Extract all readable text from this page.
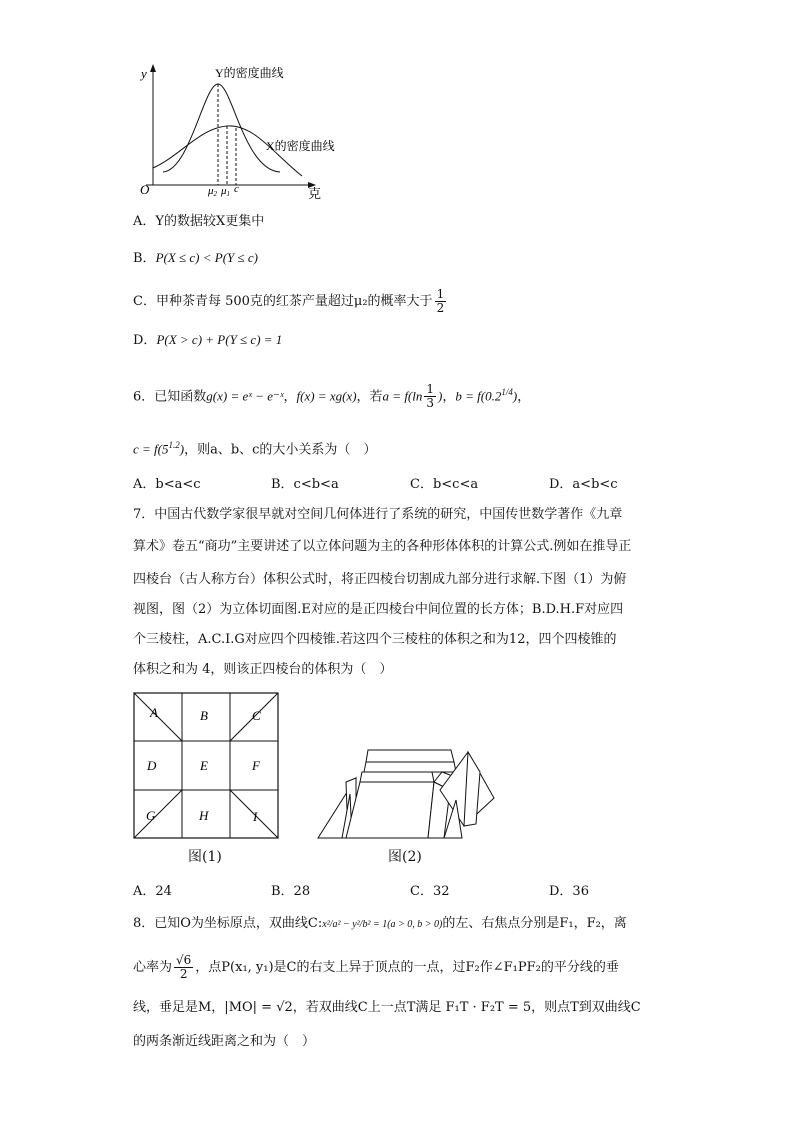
y
克
O
Y的密度曲线
X的密度曲线
μ2 μ1 c
A．Y的数据较X更集中
B．P(X ≤ c) < P(Y ≤ c)
C．甲种茶青每 500克的红茶产量超过μ₂的概率大于 $\frac{1}{2}$
D．P(X > c) + P(Y ≤ c) = 1
6．已知函数g(x) = eˣ − e⁻ˣ，f(x) = xg(x)，若$a = f(\ln \frac{1}{3}$ )，$b = f(0.2^{1/4})$，
$c = f(5^{1.2})$，则a、b、c的大小关系为（　）
A．b<a<c	B．c<b<a	C．b<c<a	D．a<b<c
7．中国古代数学家很早就对空间几何体进行了系统的研究，中国传世数学著作《九章
算术》卷五“商功”主要讲述了以立体问题为主的各种形体体积的计算公式.例如在推导正
四棱台（古人称方台）体积公式时，将正四棱台切割成九部分进行求解.下图（1）为俯
视图，图（2）为立体切面图.E对应的是正四棱台中间位置的长方体；B.D.H.F对应四
个三棱柱，A.C.I.G对应四个四棱锥.若这四个三棱柱的体积之和为12，四个四棱锥的
体积之和为 4，则该正四棱台的体积为（　）
A	B	C
D	E	F
G	H	I
图(1)	图(2)
A．24	B．28	C．32	D．36
8．已知O为坐标原点，双曲线C:x²/a² − y²/b² = 1(a > 0, b > 0)的左、右焦点分别是F₁，F₂，离
心率为 $\frac{√6}{2}$ ，点P(x₁, y₁)是C的右支上异于顶点的一点，过F₂作∠F₁PF₂的平分线的垂
线，垂足是M，|MO| = √2，若双曲线C上一点T满足 F₁T · F₂T = 5，则点T到双曲线C
的两条渐近线距离之和为（　）
